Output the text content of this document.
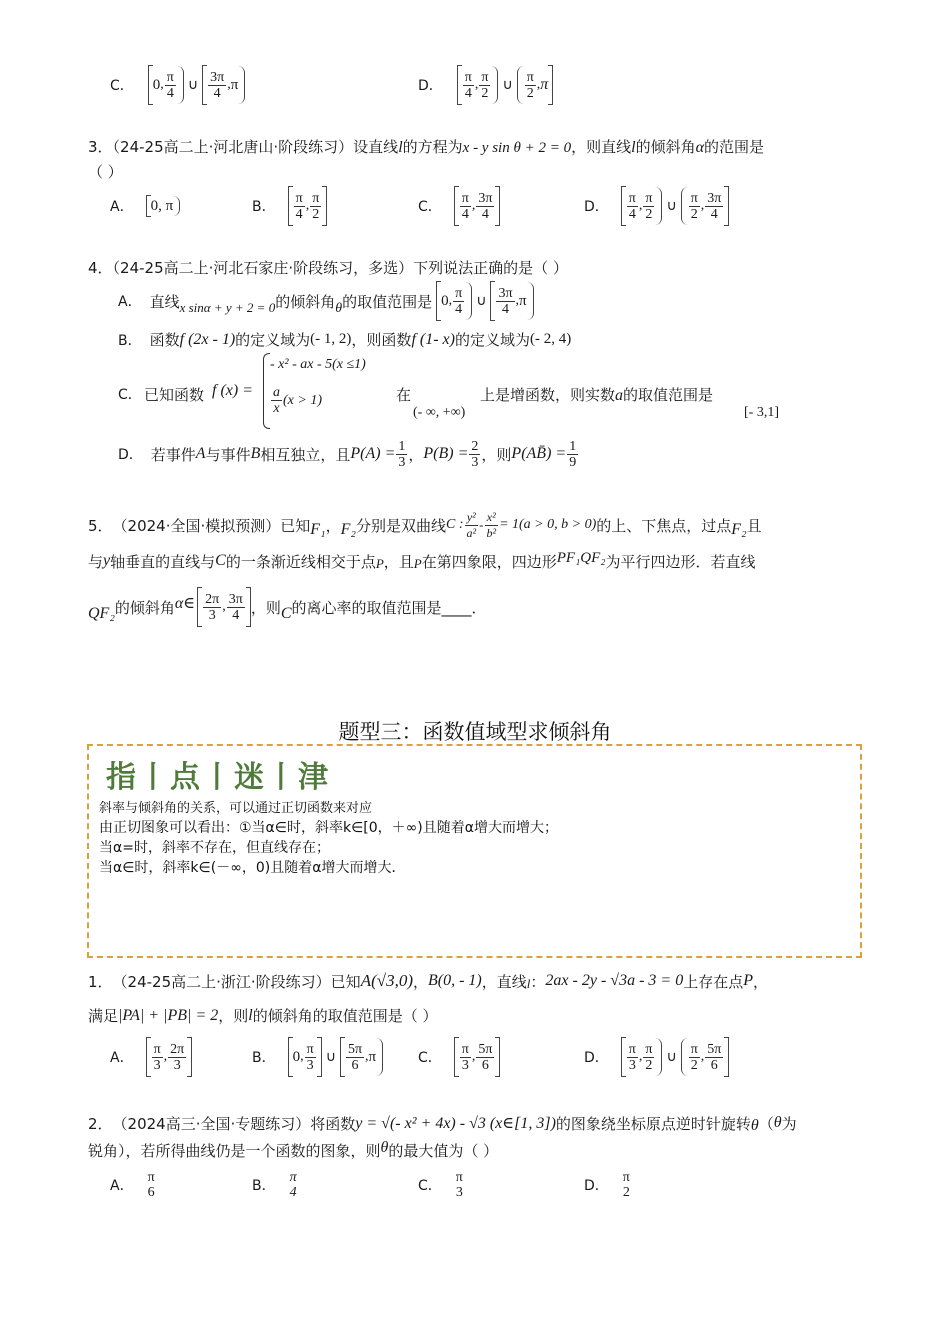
C． 0 , $\frac{\pi}{4}$ ∪ $\frac{3\pi}{4}$ , π	D． $\frac{\pi}{4}$ , $\frac{\pi}{2}$ ∪ $\frac{\pi}{2}$ , π
3．（24-25高二上·河北唐山·阶段练习）设直线l的方程为x - y sin θ + 2 = 0，则直线l的倾斜角α的范围是
（ ）
A． 0, π	B． $\frac{\pi}{4}$ , $\frac{\pi}{2}$	C． $\frac{\pi}{4}$ , $\frac{3\pi}{4}$	D． $\frac{\pi}{4}$ , $\frac{\pi}{2}$ ∪ $\frac{\pi}{2}$ , $\frac{3\pi}{4}$
4．（24-25高二上·河北石家庄·阶段练习，多选）下列说法正确的是（ ）
A． 直线 x sinα + y + 2 = 0 的倾斜角 θ 的取值范围是 0 , $\frac{\pi}{4}$ ∪ $\frac{3\pi}{4}$ , π
B． 函数 f (2x - 1) 的定义域为 (- 1, 2) ，则函数 f (1- x) 的定义域为 (- 2, 4)
C． 已知函数 f (x) =
- x² - ax - 5(x ≤1)
$\frac{a}{x} (x > 1)$	在
(- ∞, +∞)
上是增函数，则实数a的取值范围是
[- 3,1]
D． 若事件 A 与事件 B 相互独立，且 $P(A) = \frac{1}{3}$ ， $P(B) = \frac{2}{3}$ ，则 P(AB̄) = $\frac{1}{9}$
5． （2024·全国·模拟预测） 已知 F₁ ， F₂ 分别是双曲线 C : $\frac{\text{y²}}{\text{a²}} - \frac{\text{x²}}{\text{b²}} = 1(a > 0$, b > 0) 的上、下焦点，过点 F₂ 且
与 y 轴垂直的直线与 C 的一条渐近线相交于点 P ，且 P 在第四象限，四边形 PF₁QF₂ 为平行四边形．若直线
QF₂ 的倾斜角 α∈ $\frac{2\pi}{3}$ , $\frac{3\pi}{4}$ ，则 C 的离心率的取值范围是 ____．
题型三：函数值域型求倾斜角
指丨点丨迷丨津
斜率与倾斜角的关系，可以通过正切函数来对应
由正切图象可以看出：①当α∈时，斜率k∈[0，＋∞)且随着α增大而增大；
当α=时，斜率不存在，但直线存在；
当α∈时，斜率k∈(－∞，0)且随着α增大而增大．
1． （24-25高二上·浙江·阶段练习） 已知 A(√3,0) ， B(0, - 1) ，直线 l ： 2ax - 2y - √3a - 3 = 0 上存在点 P ，
满足 |PA| + |PB| = 2 ，则 l 的倾斜角的取值范围是（ ）
A． $\frac{\pi}{3}$ , $\frac{2\pi}{3}$	B． 0 , $\frac{\pi}{3}$ ∪ $\frac{5\pi}{6}$ , π	C． $\frac{\pi}{3}$ , $\frac{5\pi}{6}$	D． $\frac{\pi}{3}$ , $\frac{\pi}{2}$ ∪ $\frac{\pi}{2}$ , $\frac{5\pi}{6}$
2． （2024高三·全国·专题练习） 将函数 y = √(- x² + 4x) - √3 (x∈[1, 3]) 的图象绕坐标原点逆时针旋转 θ （ θ 为
锐角），若所得曲线仍是一个函数的图象，则 θ 的最大值为（ ）
A．
π
6	B．
π
4	C．
π
3	D．
π
2
